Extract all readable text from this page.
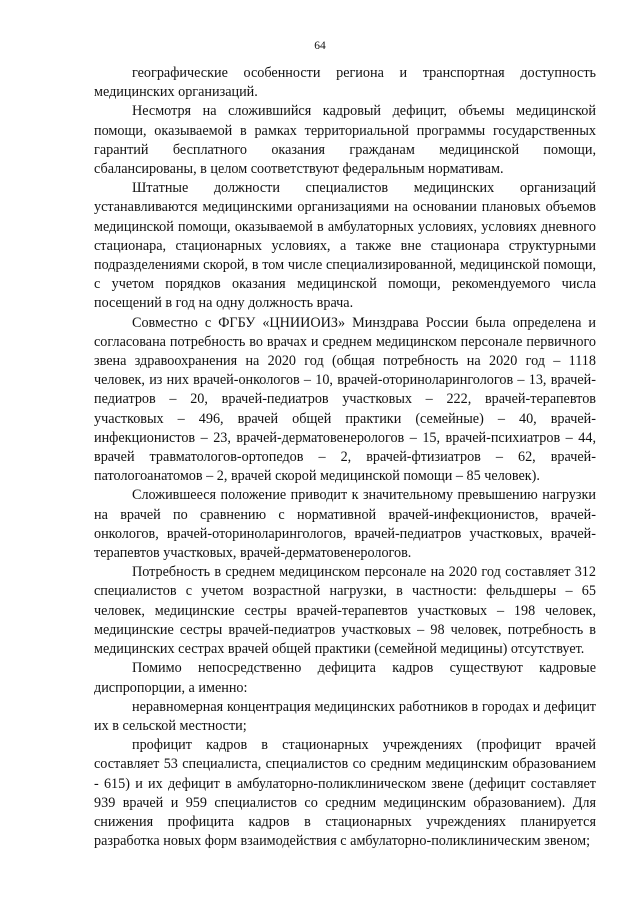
64

географические особенности региона и транспортная доступность медицинских организаций.

Несмотря на сложившийся кадровый дефицит, объемы медицинской помощи, оказываемой в рамках территориальной программы государственных гарантий бесплатного оказания гражданам медицинской помощи, сбалансированы, в целом соответствуют федеральным нормативам.

Штатные должности специалистов медицинских организаций устанавливаются медицинскими организациями на основании плановых объемов медицинской помощи, оказываемой в амбулаторных условиях, условиях дневного стационара, стационарных условиях, а также вне стационара структурными подразделениями скорой, в том числе специализированной, медицинской помощи, с учетом порядков оказания медицинской помощи, рекомендуемого числа посещений в год на одну должность врача.

Совместно с ФГБУ «ЦНИИОИЗ» Минздрава России была определена и согласована потребность во врачах и среднем медицинском персонале первичного звена здравоохранения на 2020 год (общая потребность на 2020 год – 1118 человек, из них врачей-онкологов – 10, врачей-оториноларингологов – 13, врачей-педиатров – 20, врачей-педиатров участковых – 222, врачей-терапевтов участковых – 496, врачей общей практики (семейные) – 40, врачей-инфекционистов – 23, врачей-дерматовенерологов – 15, врачей-психиатров – 44, врачей травматологов-ортопедов – 2, врачей-фтизиатров – 62, врачей-патологоанатомов – 2, врачей скорой медицинской помощи – 85 человек).

Сложившееся положение приводит к значительному превышению нагрузки на врачей по сравнению с нормативной врачей-инфекционистов, врачей-онкологов, врачей-оториноларингологов, врачей-педиатров участковых, врачей-терапевтов участковых, врачей-дерматовенерологов.

Потребность в среднем медицинском персонале на 2020 год составляет 312 специалистов с учетом возрастной нагрузки, в частности: фельдшеры – 65 человек, медицинские сестры врачей-терапевтов участковых – 198 человек, медицинские сестры врачей-педиатров участковых – 98 человек, потребность в медицинских сестрах врачей общей практики (семейной медицины) отсутствует.

Помимо непосредственно дефицита кадров существуют кадровые диспропорции, а именно:

неравномерная концентрация медицинских работников в городах и дефицит их в сельской местности;

профицит кадров в стационарных учреждениях (профицит врачей составляет 53 специалиста, специалистов со средним медицинским образованием - 615) и их дефицит в амбулаторно-поликлиническом звене (дефицит составляет 939 врачей и 959 специалистов со средним медицинским образованием). Для снижения профицита кадров в стационарных учреждениях планируется разработка новых форм взаимодействия с амбулаторно-поликлиническим звеном;
